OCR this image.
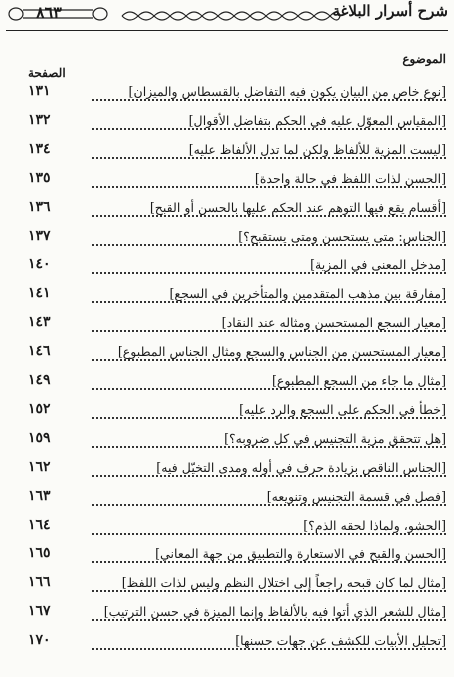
شرح أسرار البلاغة
٨٦٣
الموضوع
الصفحة
[نوع خاص من البيان يكون فيه التفاضل بالقسطاس والميزان]
١٣١
[المقياس المعوّل عليه في الحكم بتفاضل الأقوال]
١٣٢
[ليست المزية للألفاظ ولكن لما تدل الألفاظ عليه]
١٣٤
[الحسن لذات اللفظ في حالة واحدة]
١٣٥
[أقسام يقع فيها التوهم عند الحكم عليها بالحسن أو القبح]
١٣٦
[الجناس: متى يستحسن ومتى يستقبح؟]
١٣٧
[مدخل المعنى في المزية]
١٤٠
[مفارقة بين مذهب المتقدمين والمتأخرين في السجع]
١٤١
[معيار السجع المستحسن ومثاله عند النقاد]
١٤٣
[معيار المستحسن من الجناس والسجع ومثال الجناس المطبوع]
١٤٦
[مثال ما جاء من السجع المطبوع]
١٤٩
[خطأ في الحكم على السجع والرد عليه]
١٥٢
[هل تتحقق مزية التجنيس في كل ضروبه؟]
١٥٩
[الجناس الناقص بزيادة حرف في أوله ومدى التخيّل فيه]
١٦٢
[فصل في قسمة التجنيس وتنويعه]
١٦٣
[الحشو، ولماذا لحقه الذم؟]
١٦٤
[الحسن والقبح في الاستعارة والتطبيق من جهة المعاني]
١٦٥
[مثال لما كان قبحه راجعاً إلى اختلال النظم وليس لذات اللفظ]
١٦٦
[مثال للشعر الذي أتوا فيه بالألفاظ وإنما الميزة في حسن الترتيب]
١٦٧
[تحليل الأبيات للكشف عن جهات حسنها]
١٧٠
